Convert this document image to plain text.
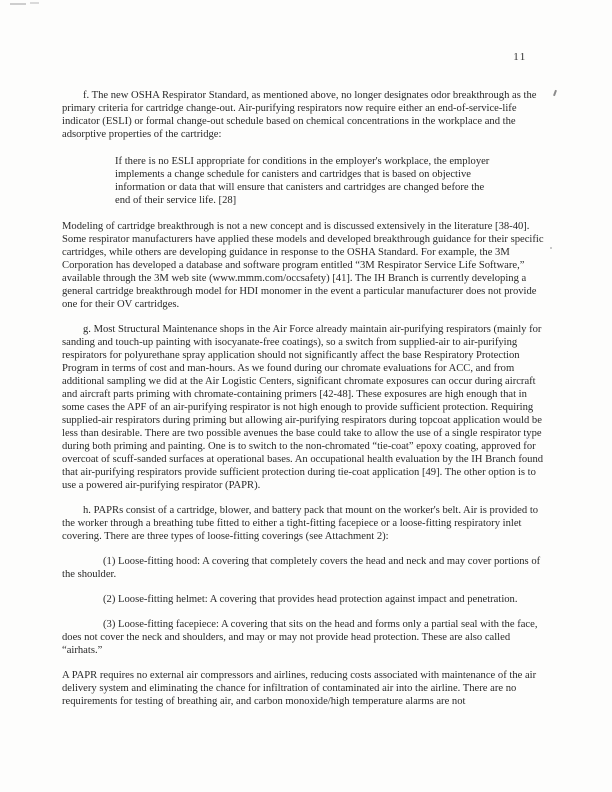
11

f. The new OSHA Respirator Standard, as mentioned above, no longer designates odor breakthrough as the primary criteria for cartridge change-out. Air-purifying respirators now require either an end-of-service-life indicator (ESLI) or formal change-out schedule based on chemical concentrations in the workplace and the adsorptive properties of the cartridge:

If there is no ESLI appropriate for conditions in the employer's workplace, the employer implements a change schedule for canisters and cartridges that is based on objective information or data that will ensure that canisters and cartridges are changed before the end of their service life. [28]

Modeling of cartridge breakthrough is not a new concept and is discussed extensively in the literature [38-40]. Some respirator manufacturers have applied these models and developed breakthrough guidance for their specific cartridges, while others are developing guidance in response to the OSHA Standard. For example, the 3M Corporation has developed a database and software program entitled “3M Respirator Service Life Software,” available through the 3M web site (www.mmm.com/occsafety) [41]. The IH Branch is currently developing a general cartridge breakthrough model for HDI monomer in the event a particular manufacturer does not provide one for their OV cartridges.

g. Most Structural Maintenance shops in the Air Force already maintain air-purifying respirators (mainly for sanding and touch-up painting with isocyanate-free coatings), so a switch from supplied-air to air-purifying respirators for polyurethane spray application should not significantly affect the base Respiratory Protection Program in terms of cost and man-hours. As we found during our chromate evaluations for ACC, and from additional sampling we did at the Air Logistic Centers, significant chromate exposures can occur during aircraft and aircraft parts priming with chromate-containing primers [42-48]. These exposures are high enough that in some cases the APF of an air-purifying respirator is not high enough to provide sufficient protection. Requiring supplied-air respirators during priming but allowing air-purifying respirators during topcoat application would be less than desirable. There are two possible avenues the base could take to allow the use of a single respirator type during both priming and painting. One is to switch to the non-chromated “tie-coat” epoxy coating, approved for overcoat of scuff-sanded surfaces at operational bases. An occupational health evaluation by the IH Branch found that air-purifying respirators provide sufficient protection during tie-coat application [49]. The other option is to use a powered air-purifying respirator (PAPR).

h. PAPRs consist of a cartridge, blower, and battery pack that mount on the worker's belt. Air is provided to the worker through a breathing tube fitted to either a tight-fitting facepiece or a loose-fitting respiratory inlet covering. There are three types of loose-fitting coverings (see Attachment 2):

(1) Loose-fitting hood: A covering that completely covers the head and neck and may cover portions of the shoulder.

(2) Loose-fitting helmet: A covering that provides head protection against impact and penetration.

(3) Loose-fitting facepiece: A covering that sits on the head and forms only a partial seal with the face, does not cover the neck and shoulders, and may or may not provide head protection. These are also called “airhats.”

A PAPR requires no external air compressors and airlines, reducing costs associated with maintenance of the air delivery system and eliminating the chance for infiltration of contaminated air into the airline. There are no requirements for testing of breathing air, and carbon monoxide/high temperature alarms are not
